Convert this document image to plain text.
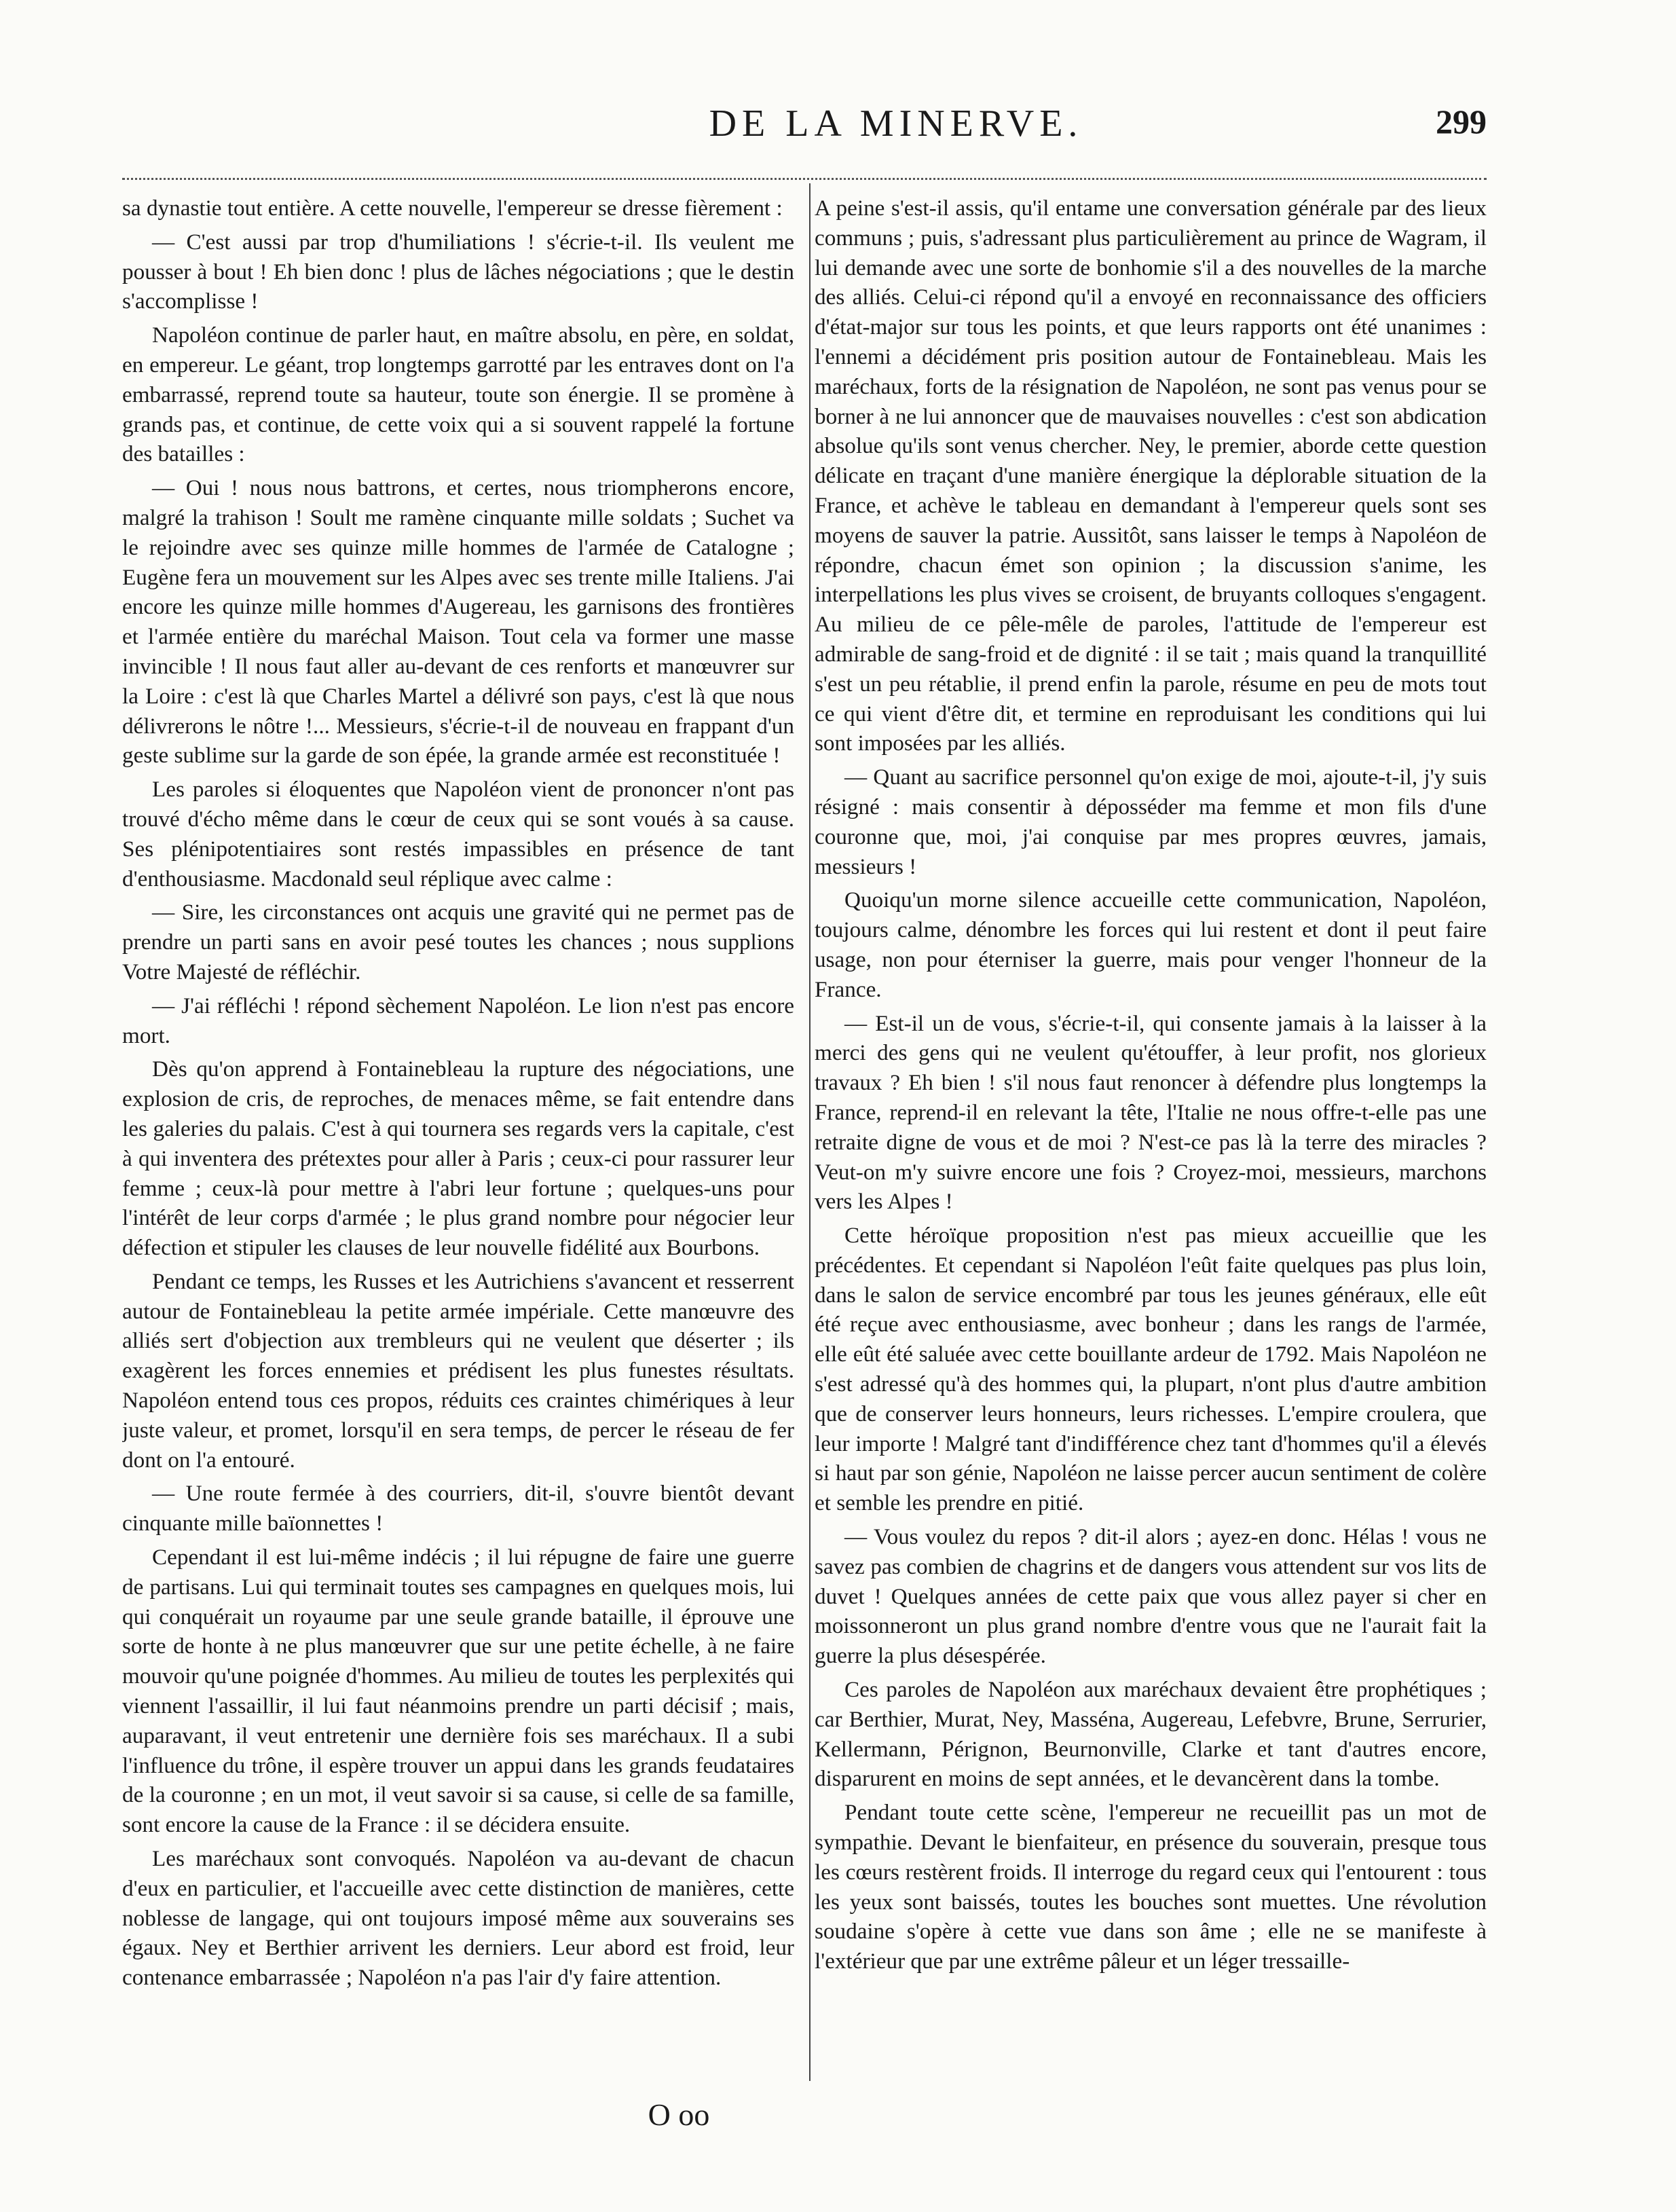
DE LA MINERVE.	299

sa dynastie tout entière. A cette nouvelle, l'empereur se dresse fièrement :

— C'est aussi par trop d'humiliations ! s'écrie-t-il. Ils veulent me pousser à bout ! Eh bien donc ! plus de lâches négociations ; que le destin s'accomplisse !

Napoléon continue de parler haut, en maître absolu, en père, en soldat, en empereur. Le géant, trop longtemps garrotté par les entraves dont on l'a embarrassé, reprend toute sa hauteur, toute son énergie. Il se promène à grands pas, et continue, de cette voix qui a si souvent rappelé la fortune des batailles :

— Oui ! nous nous battrons, et certes, nous triompherons encore, malgré la trahison ! Soult me ramène cinquante mille soldats ; Suchet va le rejoindre avec ses quinze mille hommes de l'armée de Catalogne ; Eugène fera un mouvement sur les Alpes avec ses trente mille Italiens. J'ai encore les quinze mille hommes d'Augereau, les garnisons des frontières et l'armée entière du maréchal Maison. Tout cela va former une masse invincible ! Il nous faut aller au-devant de ces renforts et manœuvrer sur la Loire : c'est là que Charles Martel a délivré son pays, c'est là que nous délivrerons le nôtre !... Messieurs, s'écrie-t-il de nouveau en frappant d'un geste sublime sur la garde de son épée, la grande armée est reconstituée !

Les paroles si éloquentes que Napoléon vient de prononcer n'ont pas trouvé d'écho même dans le cœur de ceux qui se sont voués à sa cause. Ses plénipotentiaires sont restés impassibles en présence de tant d'enthousiasme. Macdonald seul réplique avec calme :

— Sire, les circonstances ont acquis une gravité qui ne permet pas de prendre un parti sans en avoir pesé toutes les chances ; nous supplions Votre Majesté de réfléchir.

— J'ai réfléchi ! répond sèchement Napoléon. Le lion n'est pas encore mort.

Dès qu'on apprend à Fontainebleau la rupture des négociations, une explosion de cris, de reproches, de menaces même, se fait entendre dans les galeries du palais. C'est à qui tournera ses regards vers la capitale, c'est à qui inventera des prétextes pour aller à Paris ; ceux-ci pour rassurer leur femme ; ceux-là pour mettre à l'abri leur fortune ; quelques-uns pour l'intérêt de leur corps d'armée ; le plus grand nombre pour négocier leur défection et stipuler les clauses de leur nouvelle fidélité aux Bourbons.

Pendant ce temps, les Russes et les Autrichiens s'avancent et resserrent autour de Fontainebleau la petite armée impériale. Cette manœuvre des alliés sert d'objection aux trembleurs qui ne veulent que déserter ; ils exagèrent les forces ennemies et prédisent les plus funestes résultats. Napoléon entend tous ces propos, réduits ces craintes chimériques à leur juste valeur, et promet, lorsqu'il en sera temps, de percer le réseau de fer dont on l'a entouré.

— Une route fermée à des courriers, dit-il, s'ouvre bientôt devant cinquante mille baïonnettes !

Cependant il est lui-même indécis ; il lui répugne de faire une guerre de partisans. Lui qui terminait toutes ses campagnes en quelques mois, lui qui conquérait un royaume par une seule grande bataille, il éprouve une sorte de honte à ne plus manœuvrer que sur une petite échelle, à ne faire mouvoir qu'une poignée d'hommes. Au milieu de toutes les perplexités qui viennent l'assaillir, il lui faut néanmoins prendre un parti décisif ; mais, auparavant, il veut entretenir une dernière fois ses maréchaux. Il a subi l'influence du trône, il espère trouver un appui dans les grands feudataires de la couronne ; en un mot, il veut savoir si sa cause, si celle de sa famille, sont encore la cause de la France : il se décidera ensuite.

Les maréchaux sont convoqués. Napoléon va au-devant de chacun d'eux en particulier, et l'accueille avec cette distinction de manières, cette noblesse de langage, qui ont toujours imposé même aux souverains ses égaux. Ney et Berthier arrivent les derniers. Leur abord est froid, leur contenance embarrassée ; Napoléon n'a pas l'air d'y faire attention.

A peine s'est-il assis, qu'il entame une conversation générale par des lieux communs ; puis, s'adressant plus particulièrement au prince de Wagram, il lui demande avec une sorte de bonhomie s'il a des nouvelles de la marche des alliés. Celui-ci répond qu'il a envoyé en reconnaissance des officiers d'état-major sur tous les points, et que leurs rapports ont été unanimes : l'ennemi a décidément pris position autour de Fontainebleau. Mais les maréchaux, forts de la résignation de Napoléon, ne sont pas venus pour se borner à ne lui annoncer que de mauvaises nouvelles : c'est son abdication absolue qu'ils sont venus chercher. Ney, le premier, aborde cette question délicate en traçant d'une manière énergique la déplorable situation de la France, et achève le tableau en demandant à l'empereur quels sont ses moyens de sauver la patrie. Aussitôt, sans laisser le temps à Napoléon de répondre, chacun émet son opinion ; la discussion s'anime, les interpellations les plus vives se croisent, de bruyants colloques s'engagent. Au milieu de ce pêle-mêle de paroles, l'attitude de l'empereur est admirable de sang-froid et de dignité : il se tait ; mais quand la tranquillité s'est un peu rétablie, il prend enfin la parole, résume en peu de mots tout ce qui vient d'être dit, et termine en reproduisant les conditions qui lui sont imposées par les alliés.

— Quant au sacrifice personnel qu'on exige de moi, ajoute-t-il, j'y suis résigné : mais consentir à déposséder ma femme et mon fils d'une couronne que, moi, j'ai conquise par mes propres œuvres, jamais, messieurs !

Quoiqu'un morne silence accueille cette communication, Napoléon, toujours calme, dénombre les forces qui lui restent et dont il peut faire usage, non pour éterniser la guerre, mais pour venger l'honneur de la France.

— Est-il un de vous, s'écrie-t-il, qui consente jamais à la laisser à la merci des gens qui ne veulent qu'étouffer, à leur profit, nos glorieux travaux ? Eh bien ! s'il nous faut renoncer à défendre plus longtemps la France, reprend-il en relevant la tête, l'Italie ne nous offre-t-elle pas une retraite digne de vous et de moi ? N'est-ce pas là la terre des miracles ? Veut-on m'y suivre encore une fois ? Croyez-moi, messieurs, marchons vers les Alpes !

Cette héroïque proposition n'est pas mieux accueillie que les précédentes. Et cependant si Napoléon l'eût faite quelques pas plus loin, dans le salon de service encombré par tous les jeunes généraux, elle eût été reçue avec enthousiasme, avec bonheur ; dans les rangs de l'armée, elle eût été saluée avec cette bouillante ardeur de 1792. Mais Napoléon ne s'est adressé qu'à des hommes qui, la plupart, n'ont plus d'autre ambition que de conserver leurs honneurs, leurs richesses. L'empire croulera, que leur importe ! Malgré tant d'indifférence chez tant d'hommes qu'il a élevés si haut par son génie, Napoléon ne laisse percer aucun sentiment de colère et semble les prendre en pitié.

— Vous voulez du repos ? dit-il alors ; ayez-en donc. Hélas ! vous ne savez pas combien de chagrins et de dangers vous attendent sur vos lits de duvet ! Quelques années de cette paix que vous allez payer si cher en moissonneront un plus grand nombre d'entre vous que ne l'aurait fait la guerre la plus désespérée.

Ces paroles de Napoléon aux maréchaux devaient être prophétiques ; car Berthier, Murat, Ney, Masséna, Augereau, Lefebvre, Brune, Serrurier, Kellermann, Pérignon, Beurnonville, Clarke et tant d'autres encore, disparurent en moins de sept années, et le devancèrent dans la tombe.

Pendant toute cette scène, l'empereur ne recueillit pas un mot de sympathie. Devant le bienfaiteur, en présence du souverain, presque tous les cœurs restèrent froids. Il interroge du regard ceux qui l'entourent : tous les yeux sont baissés, toutes les bouches sont muettes. Une révolution soudaine s'opère à cette vue dans son âme ; elle ne se manifeste à l'extérieur que par une extrême pâleur et un léger tressaille-

O oo
